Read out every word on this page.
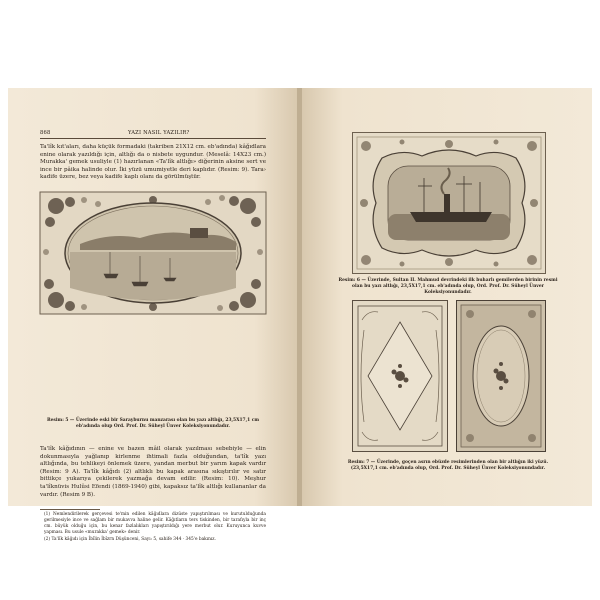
868	YAZI NASIL YAZILIR?

Ta'lîk kıt'aları, daha küçük formadaki (takriben 21X12 cm. eb'adında) kâğıdlara enine olarak yazıldığı için, altlığı da o nisbete uygundur. (Meselâ: 14X23 cm.) Murakka' gemek usuliyle (1) hazırlanan «Ta'lîk altlığı» diğerinin aksine sert ve ince bir pâika halinde olur. İki yüzü umumiyetle deri kaplıdır. (Resim: 9). Tara› kadife üzere, bez veya kadife kaplı olanı da görülmüştür.

Resim: 5 — Üzerinde eski bir Sarayburnu manzarası olan bu yazı altlığı, 23,5X17,1 cm eb'adında olup Ord. Prof. Dr. Süheyl Ünver Koleksiyonundadır.

Ta'lîk kâğıdının — enine ve bazen mâil olarak yazılması sebebiyle — elin dokunmasıyla yağlanıp kirlenme ihtimali fazla olduğundan, ta'lîk yazı altlığında, bu tehlikeyi önlemek üzere, yandan merbut bir yarım kapak vardır (Resim: 9 A). Ta'lîk kâğıdı (2) altlıklı bu kapak arasına sıkıştırılır ve satır bittikçe yukarıya çekilerek yazmağa devam edilir. (Resim: 10). Meşhur ta'lîknüvis Hulûsi Efendi (1869-1940) gibi, kapaksız ta'lîk altlığı kullananlar da vardır. (Resim 9 B).

(1) Nemlendirilerek gerçevesi te'min edilen kâğıdlara dizüste yapıştırılması ve kurutulduğunda gerilmesiyle ince ve sağlam bir mukavva haline gelir. Kâğıtların ters tiskinden, bir tarafıyla bir inç cm. büyük olduğu için, bu kenar fazlalıkları yapıştırıldığı yere merbut olur. Kuruyunca kuvve yapması. Bu usule «murakka' gemek» denir.

(2) Ta'lîk kâğıdı için İbîlin İbîzrn Düşünceni, Sayı: 5, sahife 344 · 345'e bakınız.

Resim: 6 — Üzerinde, Sultan II. Mahmud devrindeki ilk buharlı gemilerden birinin resmi olan bu yazı altlığı, 23,5X17,1 cm. eb'adında olup, Ord. Prof. Dr. Süheyl Ünver Koleksiyonundadır.

Resim: 7 — Üzerinde, goçen asrın ebüzde resimlerinden olan bir altlığın iki yüzü. (23,5X17,1 cm. eb'adında olup, Ord. Prof. Dr. Süheyl Ünver Koleksiyonundadır.
